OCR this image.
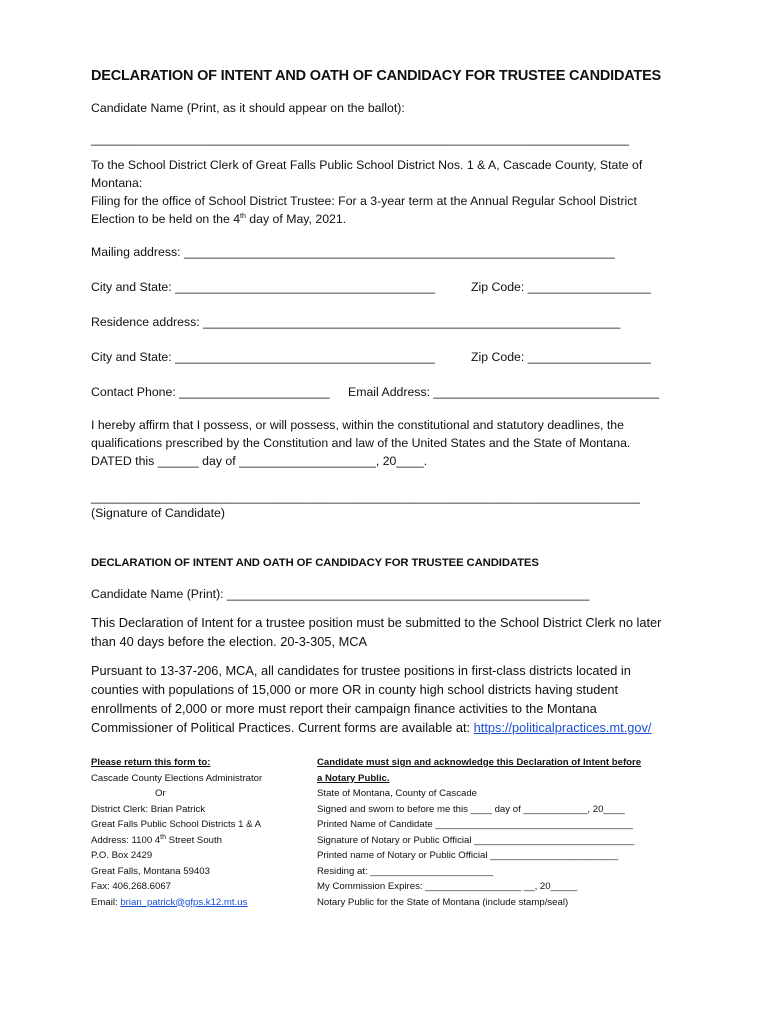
DECLARATION OF INTENT AND OATH OF CANDIDACY FOR TRUSTEE CANDIDATES
Candidate Name (Print, as it should appear on the ballot):
_____________________________________________________________________________
To the School District Clerk of Great Falls Public School District Nos. 1 & A, Cascade County, State of Montana:
Filing for the office of School District Trustee: For a 3-year term at the Annual Regular School District Election to be held on the 4th day of May, 2021.
Mailing address: _______________________________________________________________
City and State: ______________________________________	Zip Code: __________________
Residence address: _____________________________________________________________
City and State: ______________________________________	Zip Code: __________________
Contact Phone: ______________________ Email Address: _________________________________
I hereby affirm that I possess, or will possess, within the constitutional and statutory deadlines, the qualifications prescribed by the Constitution and law of the United States and the State of Montana.
DATED this ______ day of ____________________, 20____.
______________________________________________________________________________
(Signature of Candidate)
DECLARATION OF INTENT AND OATH OF CANDIDACY FOR TRUSTEE CANDIDATES
Candidate Name (Print): _____________________________________________________
This Declaration of Intent for a trustee position must be submitted to the School District Clerk no later than 40 days before the election. 20-3-305, MCA
Pursuant to 13-37-206, MCA, all candidates for trustee positions in first-class districts located in counties with populations of 15,000 or more OR in county high school districts having student enrollments of 2,000 or more must report their campaign finance activities to the Montana Commissioner of Political Practices. Current forms are available at: https://politicalpractices.mt.gov/
Please return this form to:
Cascade County Elections Administrator
Or
District Clerk: Brian Patrick
Great Falls Public School Districts 1 & A
Address: 1100 4th Street South
P.O. Box 2429
Great Falls, Montana 59403
Fax: 406.268.6067
Email: brian_patrick@gfps.k12.mt.us
Candidate must sign and acknowledge this Declaration of Intent before
a Notary Public.
State of Montana, County of Cascade
Signed and sworn to before me this ____ day of ____________, 20____
Printed Name of Candidate _____________________________________
Signature of Notary or Public Official ______________________________
Printed name of Notary or Public Official ________________________
Residing at: _______________________
My Commission Expires: __________________ __, 20_____
Notary Public for the State of Montana (include stamp/seal)
